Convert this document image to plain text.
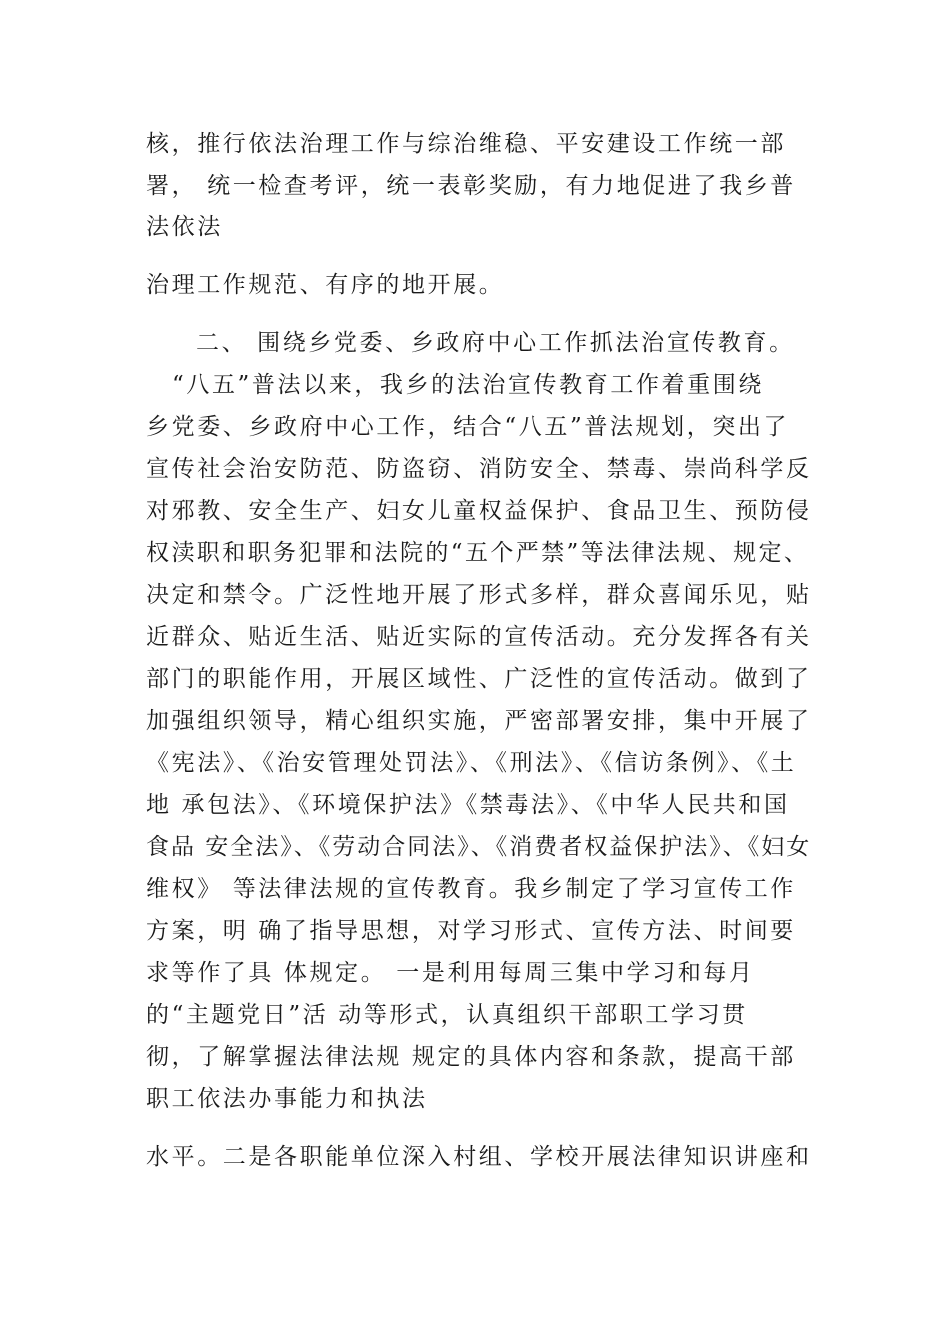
核，推行依法治理工作与综治维稳、平安建设工作统一部
署， 统一检查考评，统一表彰奖励，有力地促进了我乡普
法依法
治理工作规范、有序的地开展。
二、 围绕乡党委、乡政府中心工作抓法治宣传教育。
“八五”普法以来，我乡的法治宣传教育工作着重围绕
乡党委、乡政府中心工作，结合“八五”普法规划，突出了
宣传社会治安防范、防盗窃、消防安全、禁毒、崇尚科学反
对邪教、安全生产、妇女儿童权益保护、食品卫生、预防侵
权渎职和职务犯罪和法院的“五个严禁”等法律法规、规定、
决定和禁令。广泛性地开展了形式多样，群众喜闻乐见，贴
近群众、贴近生活、贴近实际的宣传活动。充分发挥各有关
部门的职能作用，开展区域性、广泛性的宣传活动。做到了
加强组织领导，精心组织实施，严密部署安排，集中开展了
《宪法》、《治安管理处罚法》、《刑法》、《信访条例》、《土
地 承包法》、《环境保护法》《禁毒法》、《中华人民共和国
食品 安全法》、《劳动合同法》、《消费者权益保护法》、《妇女
维权》 等法律法规的宣传教育。我乡制定了学习宣传工作
方案，明 确了指导思想，对学习形式、宣传方法、时间要
求等作了具 体规定。 一是利用每周三集中学习和每月
的“主题党日”活 动等形式，认真组织干部职工学习贯
彻，了解掌握法律法规 规定的具体内容和条款，提高干部
职工依法办事能力和执法
水平。二是各职能单位深入村组、学校开展法律知识讲座和
